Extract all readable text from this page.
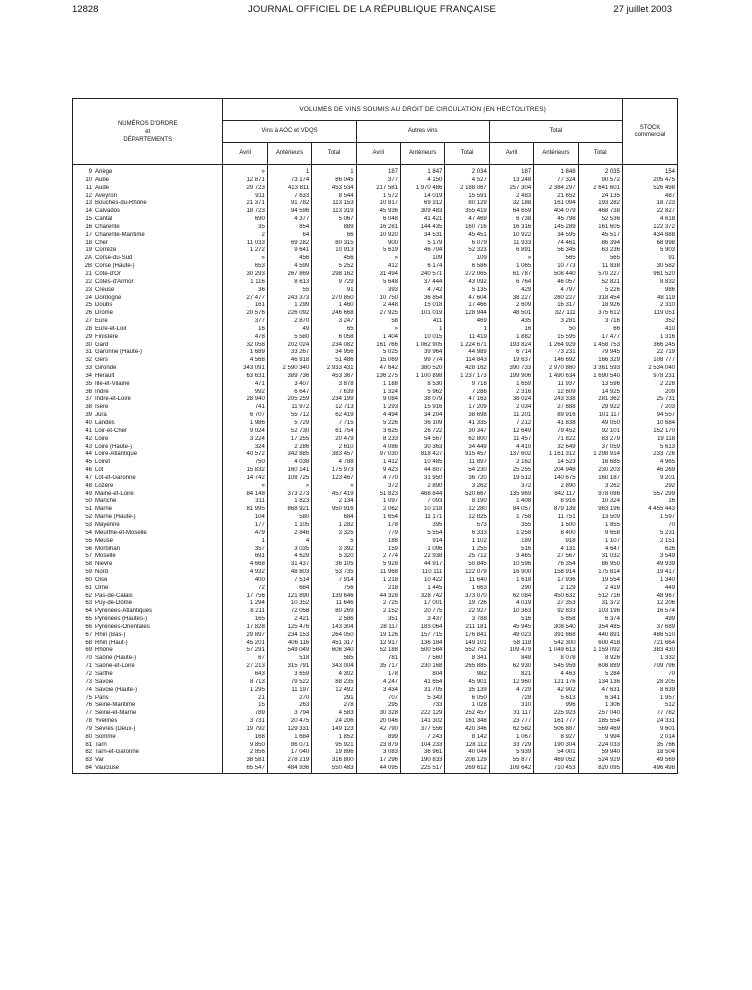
12828	JOURNAL OFFICIEL DE LA RÉPUBLIQUE FRANÇAISE	27 juillet 2003
NUMÉROS D'ORDRE
et
DÉPARTEMENTS	VOLUMES DE VINS SOUMIS AU DROIT DE CIRCULATION (EN HECTOLITRES)									STOCK
commercial
	Vins à AOC et VDQS			Autres vins			Total			
	Avril	Antérieurs	Total	Avril	Antérieurs	Total	Avril	Antérieurs	Total	
9 Ariège	»	1	1	187	1 847	2 034	187	1 848	2 035	154
10 Aube	12 871	73 174	86 045	377	4 150	4 527	13 248	77 324	90 572	205 475
11 Aude	29 723	413 811	453 534	217 581	1 970 486	2 188 067	257 304	2 384 297	2 641 601	526 498
12 Aveyron	911	7 633	8 544	1 572	14 019	15 591	2 483	21 652	24 135	487
13 Bouches-du-Rhône	21 371	91 782	113 153	10 817	69 312	80 129	32 188	161 094	193 282	18 723
14 Calvados	18 723	94 596	113 319	45 936	309 483	355 419	64 659	404 079	468 738	22 827
15 Cantal	690	4 377	5 067	6 048	41 421	47 469	6 738	45 798	52 536	4 618
16 Charente	35	854	889	16 281	144 435	160 716	16 316	145 289	161 605	122 372
17 Charente-Maritime	2	64	66	10 920	34 531	45 451	10 922	34 595	45 517	434 888
18 Cher	11 033	69 282	80 315	900	5 179	6 079	11 933	74 461	86 394	68 998
19 Corrèze	1 272	9 641	10 913	5 619	46 704	52 323	6 891	56 345	63 236	5 903
2A Corse-du-Sud	»	456	456	»	109	109	»	565	565	91
2B Corse (Haute-)	653	4 599	5 252	412	6 174	6 586	1 065	10 773	11 838	30 582
21 Côte-d'Or	30 293	267 869	298 162	31 494	240 571	272 065	61 787	508 440	570 227	961 520
22 Côtes-d'Armor	1 116	8 613	9 729	5 648	37 444	43 092	6 764	46 057	52 821	8 832
23 Creuse	36	55	91	393	4 742	5 135	429	4 797	5 226	986
24 Dordogne	27 477	243 373	270 850	10 750	36 854	47 604	38 227	280 227	318 454	48 119
25 Doubs	161	1 299	1 460	2 448	15 018	17 466	2 609	16 317	18 926	2 310
26 Drôme	20 576	226 092	246 668	27 925	101 019	128 944	48 501	327 111	375 612	119 051
27 Eure	377	2 870	3 247	58	411	469	435	3 281	3 716	352
28 Eure-et-Loir	16	49	65	»	1	1	16	50	66	410
29 Finistère	478	5 580	6 058	1 404	10 015	11 419	1 882	15 595	17 477	1 316
30 Gard	32 058	202 024	234 082	161 766	1 062 905	1 224 671	193 824	1 264 929	1 458 753	366 245
31 Garonne (Haute-)	1 689	33 267	34 956	5 025	39 964	44 989	6 714	73 231	79 945	22 719
32 Gers	4 568	46 918	51 486	15 069	99 774	114 843	19 637	146 692	166 329	108 777
33 Gironde	343 091	2 590 340	2 933 431	47 642	380 520	428 162	390 733	2 970 860	3 361 593	2 534 040
34 Hérault	63 631	389 736	453 367	136 275	1 100 898	1 237 173	199 906	1 490 634	1 690 540	978 231
35 Ille-et-Vilaine	471	3 407	3 878	1 188	8 530	9 718	1 659	11 937	13 596	2 228
36 Indre	992	6 647	7 639	1 324	5 962	7 286	2 316	12 609	14 925	209
37 Indre-et-Loire	28 940	205 259	234 199	9 084	38 079	47 163	38 024	243 338	281 362	25 731
38 Isère	741	11 972	12 713	1 293	15 916	17 209	2 034	27 888	29 922	7 203
39 Jura	6 707	55 712	62 419	4 494	34 204	38 698	11 201	89 916	101 117	94 557
40 Landes	1 986	5 729	7 715	5 226	36 109	41 335	7 212	41 838	49 050	10 684
41 Loir-et-Cher	9 024	52 730	61 754	3 625	26 722	30 347	12 649	79 452	92 101	152 170
42 Loire	3 224	17 255	20 479	8 233	54 567	62 800	11 457	71 822	83 279	19 118
43 Loire (Haute-)	324	2 286	2 610	4 086	30 363	34 449	4 410	32 649	37 059	5 613
44 Loire-Atlantique	40 572	342 885	383 457	97 030	818 427	915 457	137 602	1 161 312	1 298 914	233 726
45 Loiret	750	4 038	4 788	1 412	10 485	11 897	2 162	14 523	16 685	4 965
46 Lot	15 832	160 141	175 973	9 423	44 807	54 230	25 255	204 948	230 203	46 269
47 Lot-et-Garonne	14 742	108 725	123 467	4 770	31 950	36 720	19 512	140 675	160 187	9 201
48 Lozère	»	»	»	372	2 890	3 262	372	2 890	3 262	292
49 Maine-et-Loire	84 148	373 273	457 419	51 823	468 844	520 667	135 969	842 117	978 086	557 299
50 Manche	311	1 823	2 134	1 097	7 093	8 190	1 408	8 916	10 324	16
51 Marne	81 995	868 921	950 916	2 062	10 218	12 280	84 057	879 139	963 196	4 455 443
52 Marne (Haute-)	104	580	684	1 654	11 171	12 825	1 758	11 751	13 509	1 597
53 Mayenne	177	1 105	1 282	178	395	573	355	1 500	1 855	70
54 Meurthe-et-Moselle	479	2 846	3 325	779	5 554	6 333	1 258	8 400	9 658	5 231
55 Meuse	1	4	5	188	914	1 102	189	918	1 107	2 151
56 Morbihan	357	3 035	3 392	159	1 096	1 255	516	4 131	4 647	626
57 Moselle	691	4 629	5 320	2 774	22 938	25 712	3 465	27 567	31 032	3 549
58 Nièvre	4 668	31 437	36 105	5 928	44 917	50 845	10 596	76 354	86 950	49 939
59 Nord	4 932	48 803	53 735	11 968	110 111	122 079	16 900	158 914	175 814	19 417
60 Oise	400	7 514	7 914	1 218	10 422	11 640	1 618	17 936	19 554	1 340
61 Orne	72	684	756	218	1 445	1 663	290	2 129	2 419	449
62 Pas-de-Calais	17 756	121 890	139 646	44 328	328 742	373 070	62 084	450 632	512 716	48 967
63 Puy-de-Dôme	1 294	10 352	11 646	2 725	17 001	19 726	4 019	27 353	31 372	12 206
64 Pyrénées-Atlantiques	8 211	72 058	80 269	2 152	20 775	22 927	10 363	92 833	103 196	16 574
65 Pyrénées (Hautes-)	165	2 421	2 586	351	3 437	3 788	516	5 858	6 374	499
66 Pyrénées-Orientales	17 828	125 476	143 304	28 117	183 064	211 181	45 945	308 540	354 485	37 689
67 Rhin (Bas-)	29 897	234 153	264 050	19 126	157 715	176 841	49 023	391 868	440 891	486 510
68 Rhin (Haut-)	45 201	406 116	451 317	12 917	136 184	149 101	58 118	542 300	600 418	721 664
69 Rhône	57 291	549 049	606 340	52 188	500 564	552 752	109 479	1 049 613	1 159 092	383 430
70 Saône (Haute-)	67	518	585	781	7 560	8 341	848	8 078	8 926	1 332
71 Saône-et-Loire	27 213	315 791	343 004	35 717	230 168	265 885	62 930	545 959	608 889	709 796
72 Sarthe	643	3 659	4 302	178	804	982	821	4 463	5 284	70
73 Savoie	8 713	79 522	88 235	4 247	41 654	45 901	12 960	121 176	134 136	28 205
74 Savoie (Haute-)	1 295	11 197	12 492	3 434	31 705	35 139	4 729	42 902	47 631	8 639
75 Paris	21	270	291	707	5 343	6 050	728	5 613	6 341	1 957
76 Seine-Maritime	15	263	278	295	733	1 028	310	996	1 306	512
77 Seine-et-Marne	789	3 794	4 583	30 328	222 129	252 457	31 117	225 923	257 040	77 782
78 Yvelines	3 731	20 475	24 206	20 046	141 302	161 348	23 777	161 777	185 554	24 331
79 Sèvres (Deux-)	19 792	129 331	149 123	42 790	377 556	420 346	62 582	506 887	569 469	9 601
80 Somme	168	1 684	1 852	899	7 243	8 142	1 067	8 927	9 994	2 014
81 Tarn	9 850	86 071	95 921	23 879	104 233	128 112	33 729	190 304	224 033	35 766
82 Tarn-et-Garonne	2 856	17 040	19 896	3 083	36 961	40 044	5 939	54 001	59 940	18 504
83 Var	38 581	278 219	316 800	17 296	190 833	208 129	55 877	469 052	524 929	49 569
84 Vaucluse	65 547	484 936	550 483	44 095	225 517	269 612	109 642	710 453	820 095	496 498
